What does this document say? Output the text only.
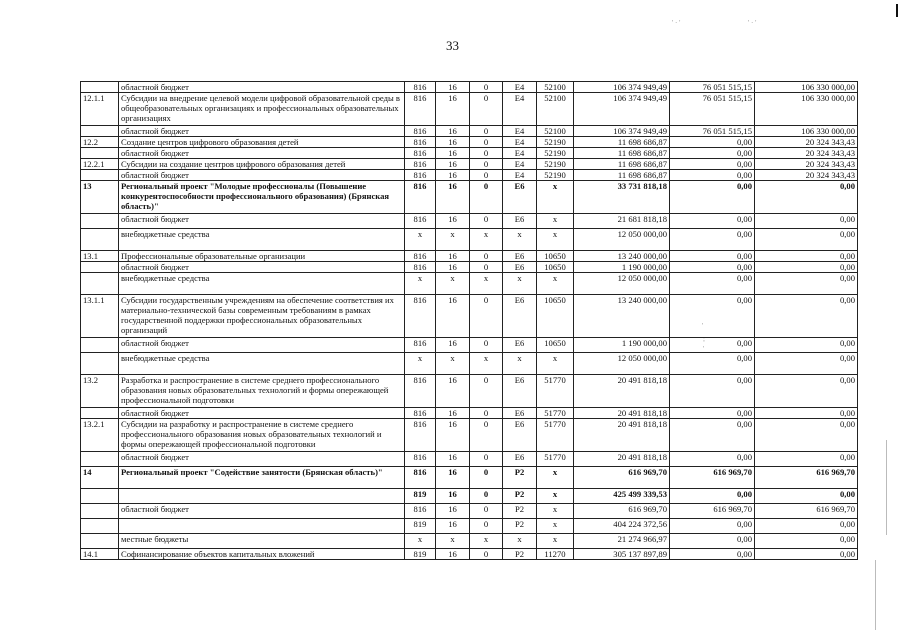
' · '	' · '
'
;
'
33
	областной бюджет	816	16	0	Е4	52100	106 374 949,49	76 051 515,15	106 330 000,00
12.1.1	Субсидии на внедрение целевой модели цифровой образовательной среды в общеобразовательных организациях и профессиональных образовательных организациях	816	16	0	Е4	52100	106 374 949,49	76 051 515,15	106 330 000,00
	областной бюджет	816	16	0	Е4	52100	106 374 949,49	76 051 515,15	106 330 000,00
12.2	Создание центров цифрового образования детей	816	16	0	Е4	52190	11 698 686,87	0,00	20 324 343,43
	областной бюджет	816	16	0	Е4	52190	11 698 686,87	0,00	20 324 343,43
12.2.1	Субсидии на создание центров цифрового образования детей	816	16	0	Е4	52190	11 698 686,87	0,00	20 324 343,43
	областной бюджет	816	16	0	Е4	52190	11 698 686,87	0,00	20 324 343,43
13	Региональный проект "Молодые профессионалы (Повышение конкурентоспособности профессионального образования) (Брянская область)"	816	16	0	Е6	х	33 731 818,18	0,00	0,00
	областной бюджет	816	16	0	Е6	х	21 681 818,18	0,00	0,00
	внебюджетные средства	х	х	х	х	х	12 050 000,00	0,00	0,00
13.1	Профессиональные образовательные организации	816	16	0	Е6	10650	13 240 000,00	0,00	0,00
	областной бюджет	816	16	0	Е6	10650	1 190 000,00	0,00	0,00
	внебюджетные средства	х	х	х	х	х	12 050 000,00	0,00	0,00
13.1.1	Субсидии государственным учреждениям на обеспечение соответствия их материально-технической базы современным требованиям в рамках государственной поддержки профессиональных образовательных организаций	816	16	0	Е6	10650	13 240 000,00	0,00	0,00
	областной бюджет	816	16	0	Е6	10650	1 190 000,00	0,00	0,00
	внебюджетные средства	х	х	х	х	х	12 050 000,00	0,00	0,00
13.2	Разработка и распространение в системе среднего профессионального образования новых образовательных технологий и формы опережающей профессиональной подготовки	816	16	0	Е6	51770	20 491 818,18	0,00	0,00
	областной бюджет	816	16	0	Е6	51770	20 491 818,18	0,00	0,00
13.2.1	Субсидии на разработку и распространение в системе среднего профессионального образования новых образовательных технологий и формы опережающей профессиональной подготовки	816	16	0	Е6	51770	20 491 818,18	0,00	0,00
	областной бюджет	816	16	0	Е6	51770	20 491 818,18	0,00	0,00
14	Региональный проект "Содействие занятости (Брянская область)"	816	16	0	Р2	х	616 969,70	616 969,70	616 969,70
		819	16	0	Р2	х	425 499 339,53	0,00	0,00
	областной бюджет	816	16	0	Р2	х	616 969,70	616 969,70	616 969,70
		819	16	0	Р2	х	404 224 372,56	0,00	0,00
	местные бюджеты	х	х	х	х	х	21 274 966,97	0,00	0,00
14.1	Софинансирование объектов капитальных вложений	819	16	0	Р2	11270	305 137 897,89	0,00	0,00
